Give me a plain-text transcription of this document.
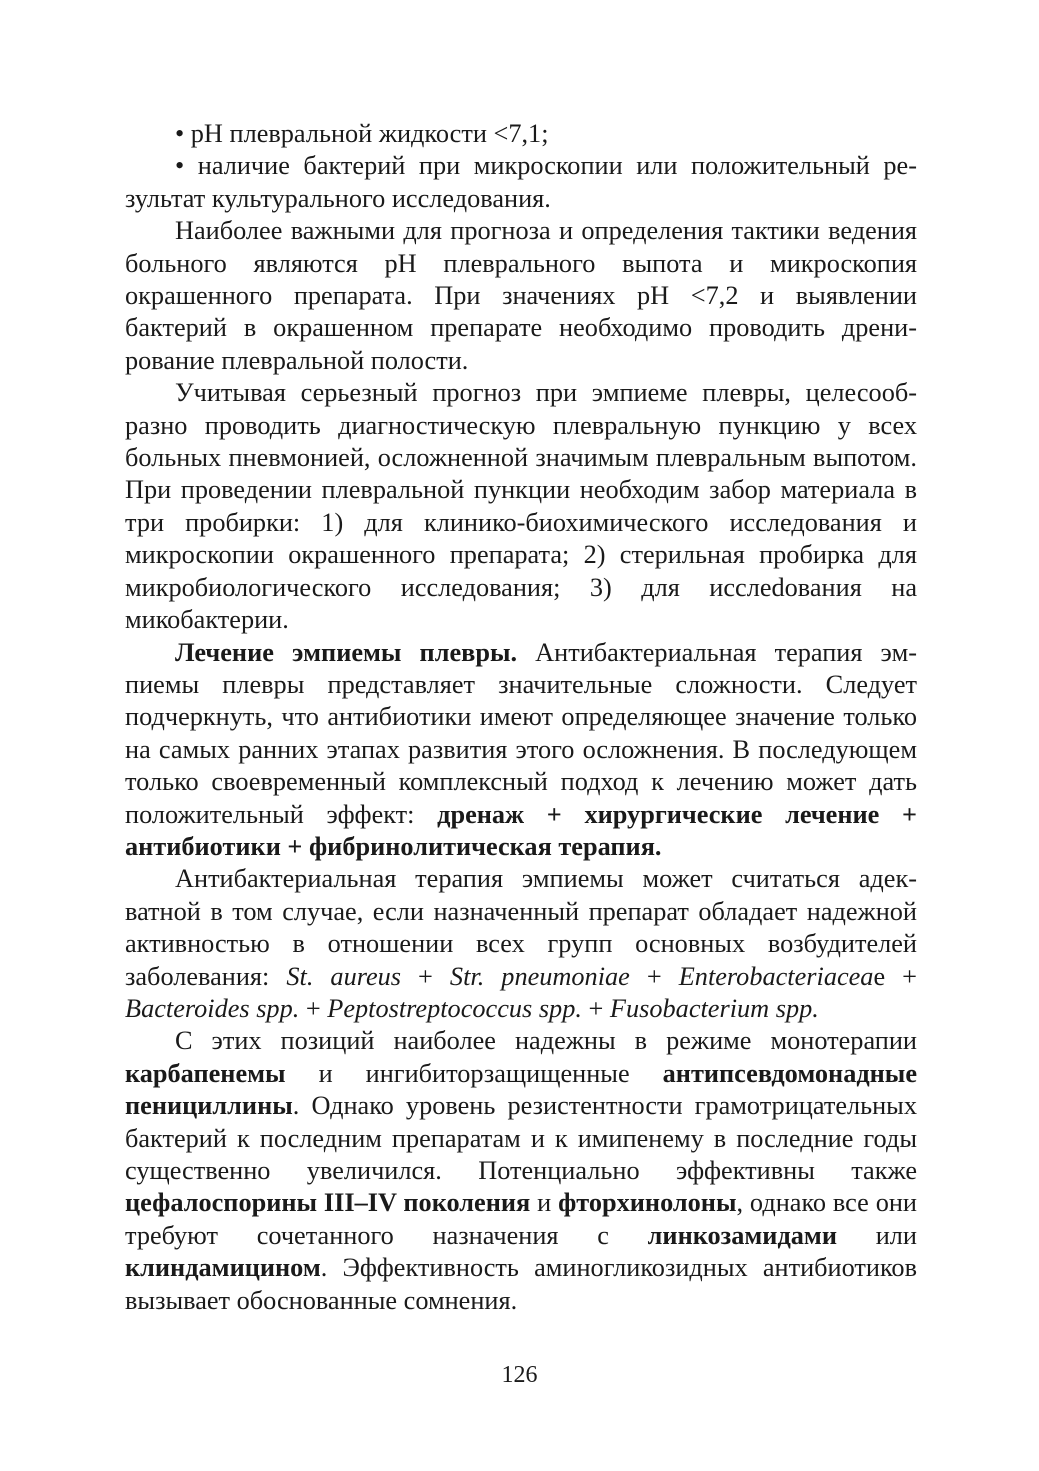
• pH плевральной жидкости <7,1;

• наличие бактерий при микроскопии или положительный результат культурального исследования.

Наиболее важными для прогноза и определения тактики ведения больного являются pH плеврального выпота и микроскопия окрашенного препарата. При значениях pH <7,2 и выявлении бактерий в окрашенном препарате необходимо проводить дренирование плевральной полости.

Учитывая серьезный прогноз при эмпиеме плевры, целесообразно проводить диагностическую плевральную пункцию у всех больных пневмонией, осложненной значимым плевральным выпотом. При проведении плевральной пункции необходим забор материала в три пробирки: 1) для клинико-биохимического исследования и микроскопии окрашенного препарата; 2) стерильная пробирка для микробиологического исследования; 3) для исслеdования на микобактерии.

Лечение эмпиемы плевры. Антибактериальная терапия эмпиемы плевры представляет значительные сложности. Следует подчеркнуть, что антибиотики имеют определяющее значение только на самых ранних этапах развития этого осложнения. В последующем только своевременный комплексный подход к лечению может дать положительный эффект: дренаж + хирургические лечение + антибиотики + фибринолитическая терапия.

Антибактериальная терапия эмпиемы может считаться адекватной в том случае, если назначенный препарат обладает надежной активностью в отношении всех групп основных возбудителей заболевания: St. aureus + Str. pneumoniae + Enterobacteriaceae + Bacteroides spp. + Peptostreptococcus spp. + Fusobacterium spp.

С этих позиций наиболее надежны в режиме монотерапии карбапенемы и ингибиторзащищенные антипсевдомонадные пенициллины. Однако уровень резистентности грамотрицательных бактерий к последним препаратам и к имипенему в последние годы существенно увеличился. Потенциально эффективны также цефалоспорины III–IV поколения и фторхинолоны, однако все они требуют сочетанного назначения с линкозамидами или клиндамицином. Эффективность аминогликозидных антибиотиков вызывает обоснованные сомнения.

126
